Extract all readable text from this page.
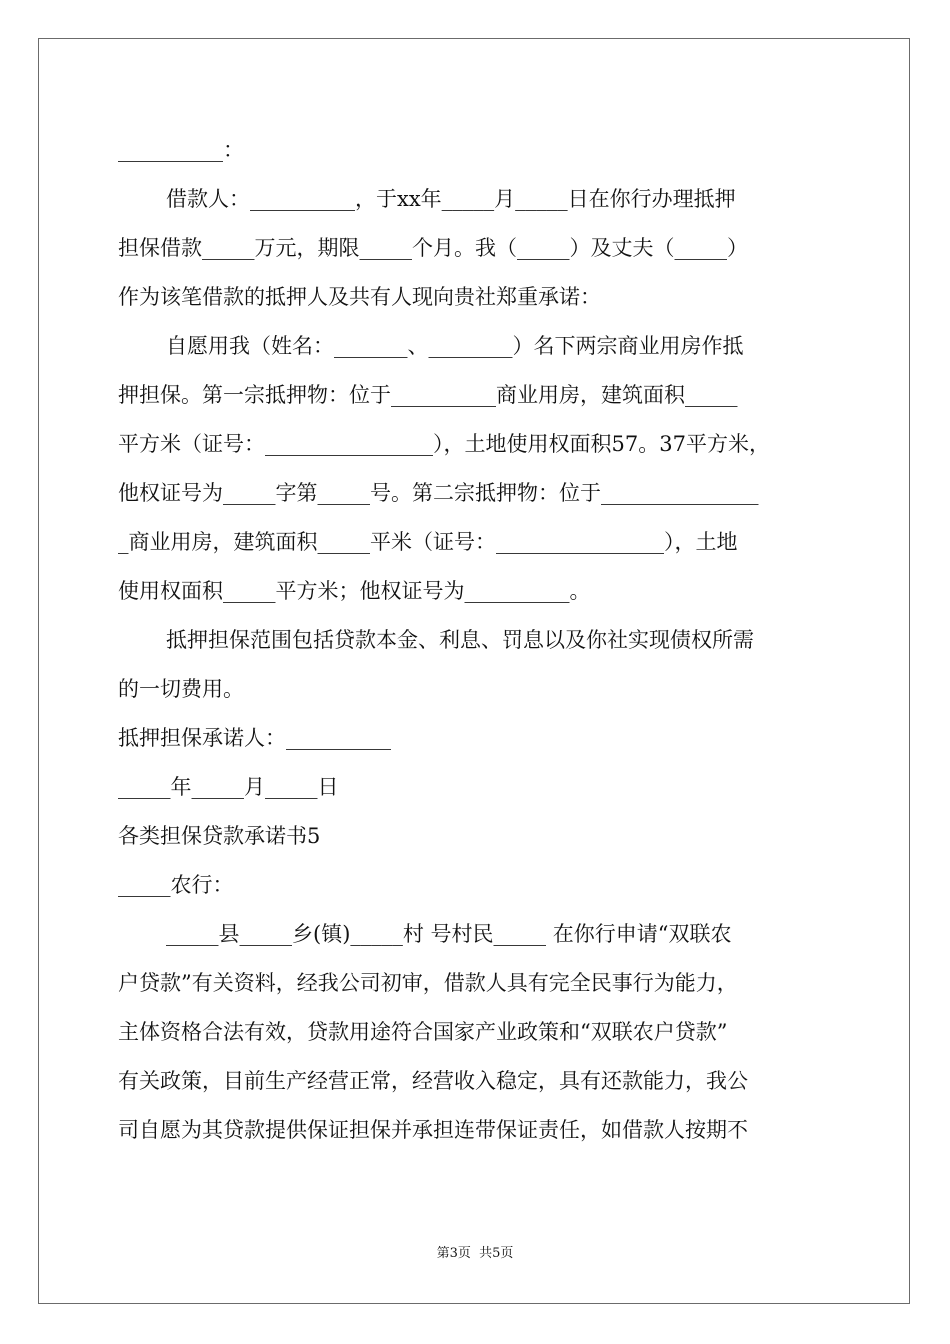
__________：
借款人：__________，于xx年_____月_____日在你行办理抵押
担保借款_____万元，期限_____个月。我（_____）及丈夫（_____）
作为该笔借款的抵押人及共有人现向贵社郑重承诺：
自愿用我（姓名：_______、________）名下两宗商业用房作抵
押担保。第一宗抵押物：位于__________商业用房，建筑面积_____
平方米（证号：________________），土地使用权面积57。37平方米，
他权证号为_____字第_____号。第二宗抵押物：位于_______________
_商业用房，建筑面积_____平米（证号：________________），土地
使用权面积_____平方米；他权证号为__________。
抵押担保范围包括贷款本金、利息、罚息以及你社实现债权所需
的一切费用。
抵押担保承诺人：__________
_____年_____月_____日
各类担保贷款承诺书5
_____农行：
_____县_____乡(镇)_____村 号村民_____ 在你行申请“双联农
户贷款”有关资料，经我公司初审，借款人具有完全民事行为能力，
主体资格合法有效，贷款用途符合国家产业政策和“双联农户贷款”
有关政策，目前生产经营正常，经营收入稳定，具有还款能力，我公
司自愿为其贷款提供保证担保并承担连带保证责任，如借款人按期不
第3页  共5页
